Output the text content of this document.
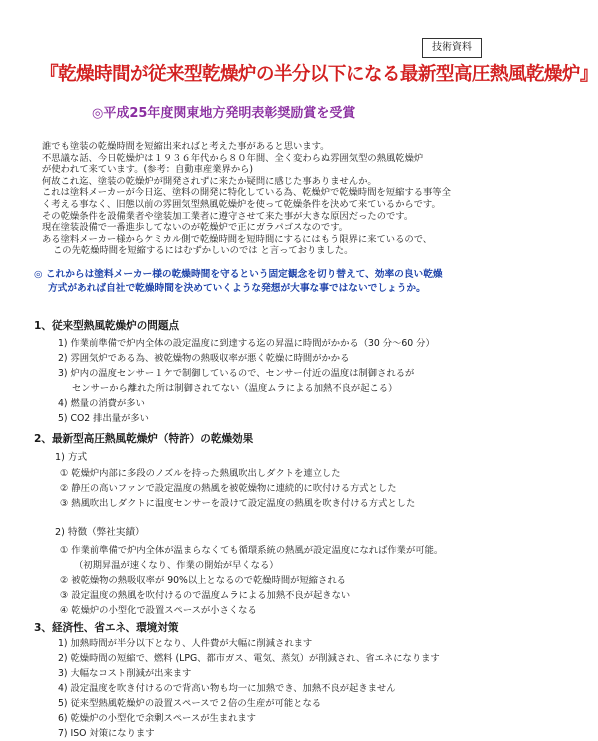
技術資料
『乾燥時間が従来型乾燥炉の半分以下になる最新型高圧熱風乾燥炉』
◎平成25年度関東地方発明表彰奨励賞を受賞

誰でも塗装の乾燥時間を短縮出来ればと考えた事があると思います。

不思議な話、今日乾燥炉は１９３６年代から８０年間、全く変わらぬ雰囲気型の熱風乾燥炉

が使われて来ています。(参考：自動車産業界から)

何故これ迄、塗装の乾燥炉が開発されずに来たか疑問に感じた事ありませんか。

これは塗料メーカーが今日迄、塗料の開発に特化している為、乾燥炉で乾燥時間を短縮する事等全

く考える事なく、旧態以前の雰囲気型熱風乾燥炉を使って乾燥条件を決めて来ているからです。

その乾燥条件を設備業者や塗装加工業者に遵守させて来た事が大きな原因だったのです。

現在塗装設備で一番進歩してないのが乾燥炉で正にガラパゴスなのです。

ある塗料メーカー様からケミカル側で乾燥時間を短時間にするにはもう限界に来ているので、

この先乾燥時間を短縮するにはむずかしいのでは と言っておりました。

◎ これからは塗料メーカー様の乾燥時間を守るという固定観念を切り替えて、効率の良い乾燥

方式があれば自社で乾燥時間を決めていくような発想が大事な事ではないでしょうか。

1、従来型熱風乾燥炉の問題点

1) 作業前準備で炉内全体の設定温度に到達する迄の昇温に時間がかかる（30 分～60 分）

2) 雰囲気炉である為、被乾燥物の熱吸収率が悪く乾燥に時間がかかる

3) 炉内の温度センサー１ケで制御しているので、センサー付近の温度は制御されるが

センサーから離れた所は制御されてない（温度ムラによる加熱不良が起こる）

4) 燃量の消費が多い

5) CO2 排出量が多い

2、最新型高圧熱風乾燥炉（特許）の乾燥効果
1) 方式

① 乾燥炉内部に多段のノズルを持った熱風吹出しダクトを連立した

② 静圧の高いファンで設定温度の熱風を被乾燥物に連続的に吹付ける方式とした

③ 熱風吹出しダクトに温度センサーを設けて設定温度の熱風を吹き付ける方式とした

2) 特徴（弊社実績）

① 作業前準備で炉内全体が温まらなくても循環系統の熱風が設定温度になれば作業が可能。

（初期昇温が速くなり、作業の開始が早くなる）

② 被乾燥物の熱吸収率が 90%以上となるので乾燥時間が短縮される

③ 設定温度の熱風を吹付けるので温度ムラによる加熱不良が起きない

④ 乾燥炉の小型化で設置スペースが小さくなる

3、経済性、省エネ、環境対策

1) 加熱時間が半分以下となり、人件費が大幅に削減されます

2) 乾燥時間の短縮で、燃料 (LPG、都市ガス、電気、蒸気）が削減され、省エネになります

3) 大幅なコスト削減が出来ます

4) 設定温度を吹き付けるので背高い物も均一に加熱でき、加熱不良が起きません

5) 従来型熱風乾燥炉の設置スペースで２倍の生産が可能となる

6) 乾燥炉の小型化で余剰スペースが生まれます

7) ISO 対策になります
